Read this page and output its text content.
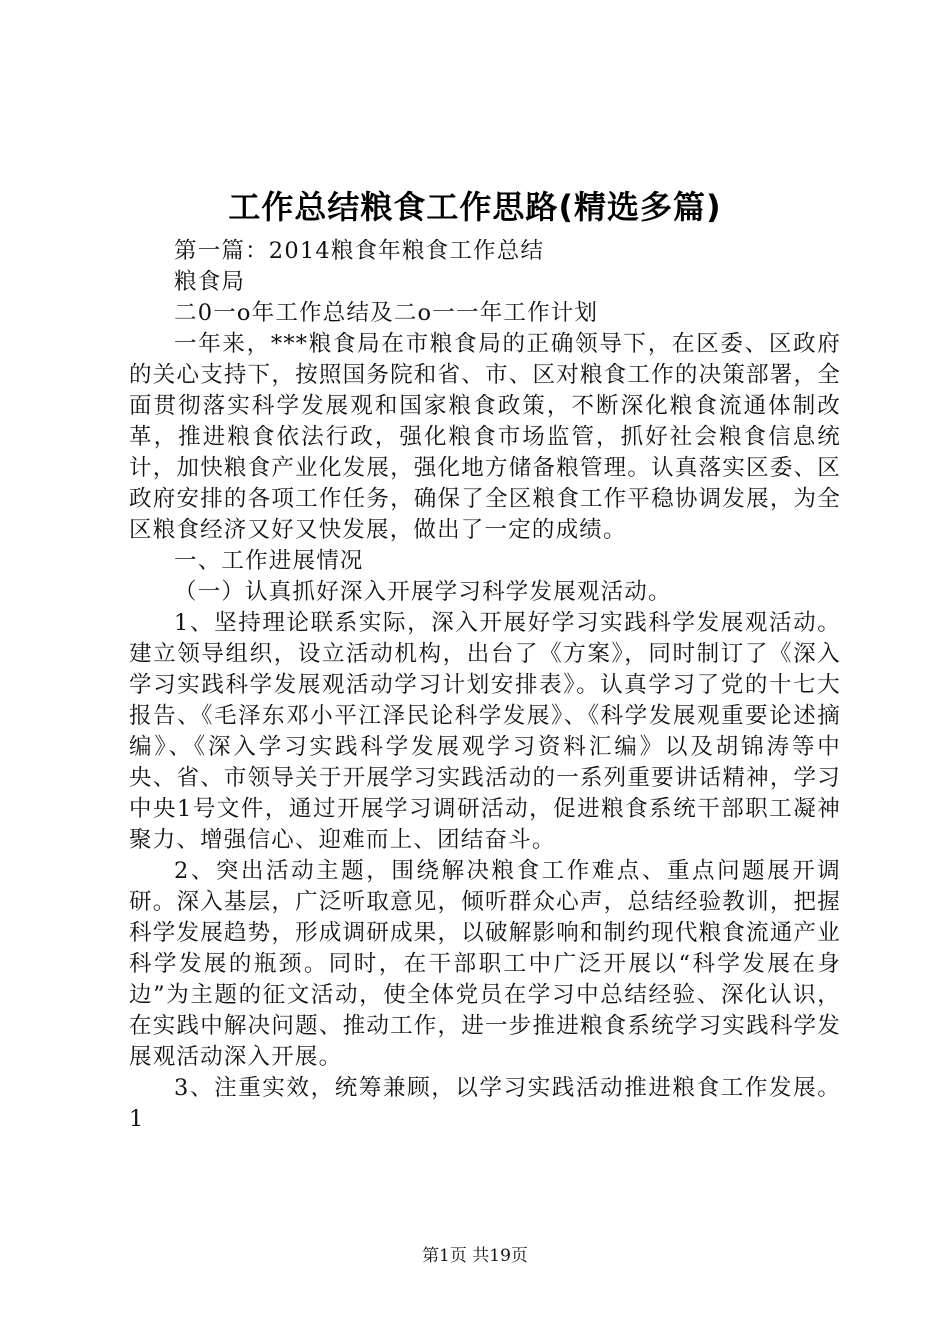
工作总结粮食工作思路(精选多篇)

第一篇：2014粮食年粮食工作总结

粮食局

二0一o年工作总结及二o一一年工作计划

一年来，***粮食局在市粮食局的正确领导下，在区委、区政府的关心支持下，按照国务院和省、市、区对粮食工作的决策部署，全面贯彻落实科学发展观和国家粮食政策，不断深化粮食流通体制改革，推进粮食依法行政，强化粮食市场监管，抓好社会粮食信息统计，加快粮食产业化发展，强化地方储备粮管理。认真落实区委、区政府安排的各项工作任务，确保了全区粮食工作平稳协调发展，为全区粮食经济又好又快发展，做出了一定的成绩。

一、工作进展情况

（一）认真抓好深入开展学习科学发展观活动。

1、坚持理论联系实际，深入开展好学习实践科学发展观活动。建立领导组织，设立活动机构，出台了《方案》，同时制订了《深入学习实践科学发展观活动学习计划安排表》。认真学习了党的十七大报告、《毛泽东邓小平江泽民论科学发展》、《科学发展观重要论述摘编》、《深入学习实践科学发展观学习资料汇编》以及胡锦涛等中央、省、市领导关于开展学习实践活动的一系列重要讲话精神，学习中央1号文件，通过开展学习调研活动，促进粮食系统干部职工凝神聚力、增强信心、迎难而上、团结奋斗。

2、突出活动主题，围绕解决粮食工作难点、重点问题展开调研。深入基层，广泛听取意见，倾听群众心声，总结经验教训，把握科学发展趋势，形成调研成果，以破解影响和制约现代粮食流通产业科学发展的瓶颈。同时，在干部职工中广泛开展以“科学发展在身边”为主题的征文活动，使全体党员在学习中总结经验、深化认识，在实践中解决问题、推动工作，进一步推进粮食系统学习实践科学发展观活动深入开展。

3、注重实效，统筹兼顾，以学习实践活动推进粮食工作发展。1

第1页 共19页
